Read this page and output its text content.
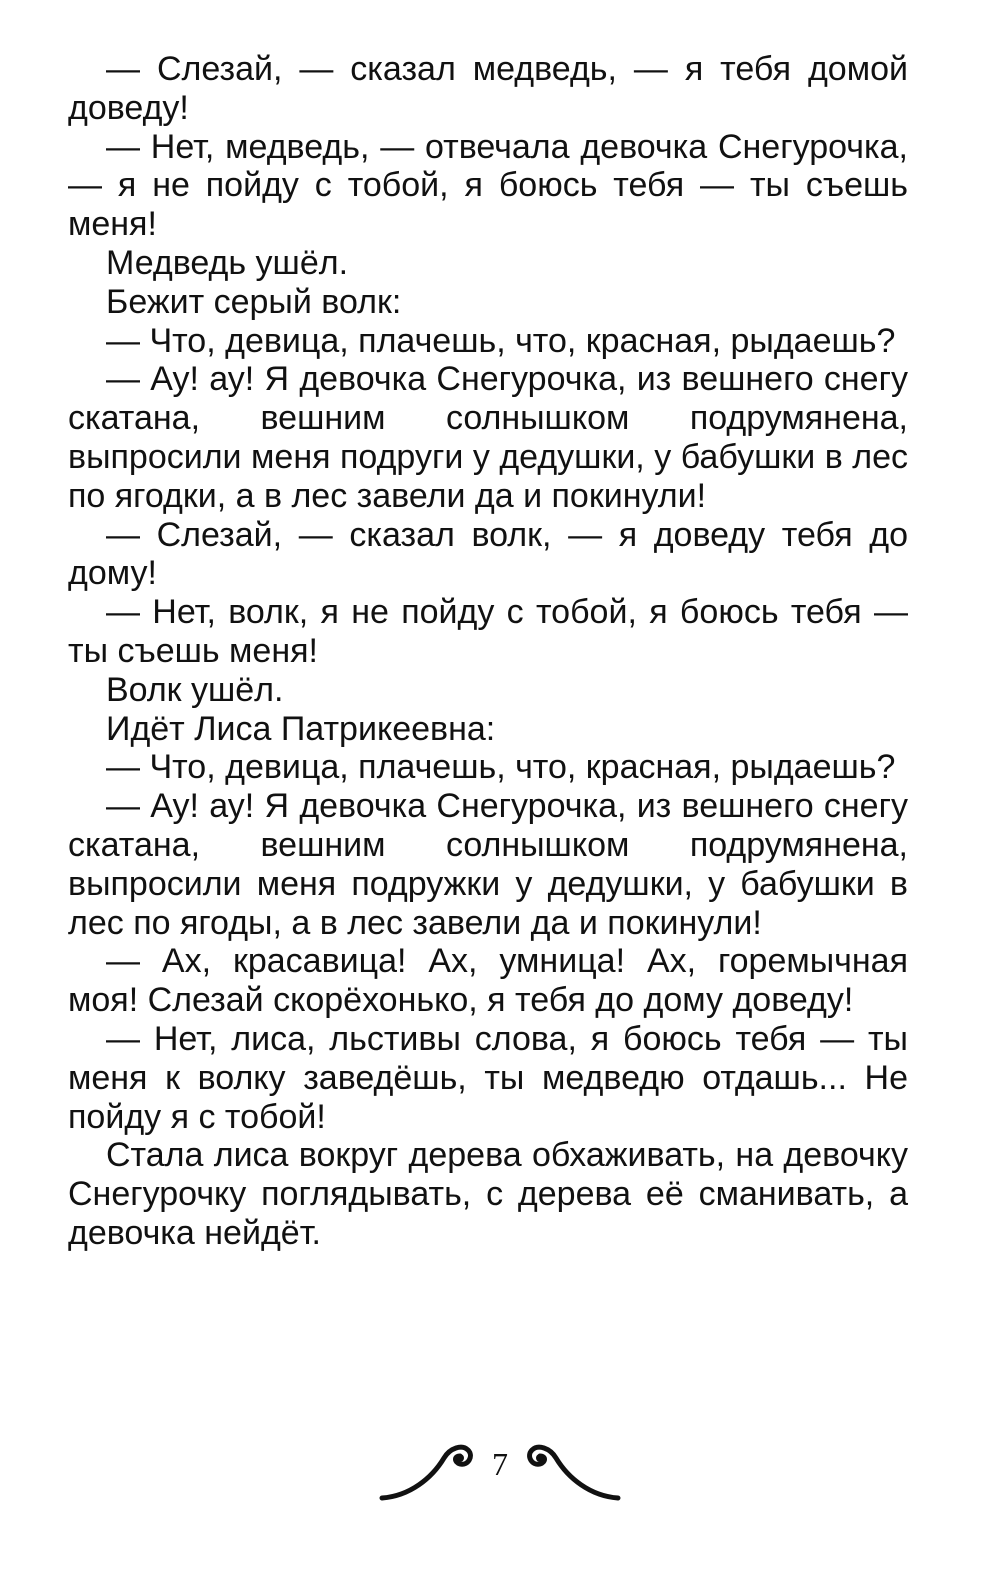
— Слезай, — сказал медведь, — я тебя домой доведу!

— Нет, медведь, — отвечала девочка Снегурочка, — я не пойду с тобой, я боюсь тебя — ты съешь меня!

Медведь ушёл.

Бежит серый волк:

— Что, девица, плачешь, что, красная, рыдаешь?

— Ау! ау! Я девочка Снегурочка, из вешнего снегу скатана, вешним солнышком подрумянена, выпросили меня подруги у дедушки, у бабушки в лес по ягодки, а в лес завели да и покинули!

— Слезай, — сказал волк, — я доведу тебя до дому!

— Нет, волк, я не пойду с тобой, я боюсь тебя — ты съешь меня!

Волк ушёл.

Идёт Лиса Патрикеевна:

— Что, девица, плачешь, что, красная, рыдаешь?

— Ау! ау! Я девочка Снегурочка, из вешнего снегу скатана, вешним солнышком подрумянена, выпросили меня подружки у дедушки, у бабушки в лес по ягоды, а в лес завели да и покинули!

— Ах, красавица! Ах, умница! Ах, горемычная моя! Слезай скорёхонько, я тебя до дому доведу!

— Нет, лиса, льстивы слова, я боюсь тебя — ты меня к волку заведёшь, ты медведю отдашь... Не пойду я с тобой!

Стала лиса вокруг дерева обхаживать, на девочку Снегурочку поглядывать, с дерева её сманивать, а девочка нейдёт.

7
